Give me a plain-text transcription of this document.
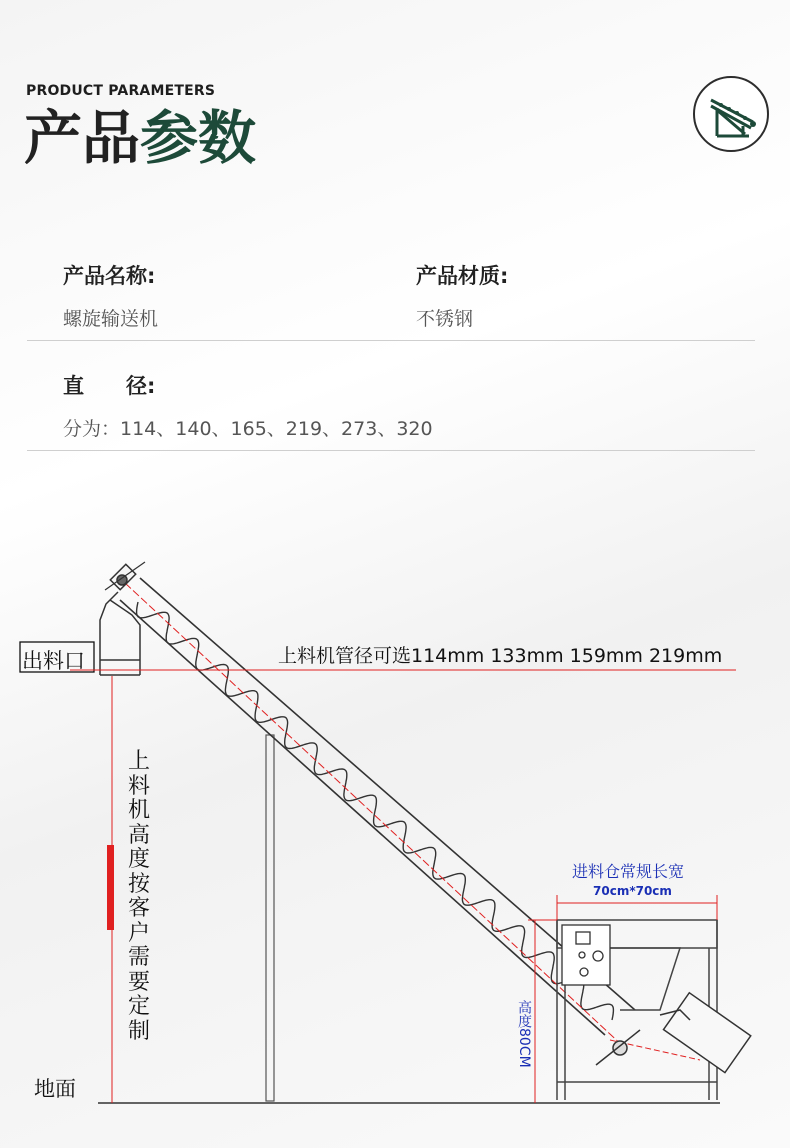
PRODUCT PARAMETERS
产品参数
产品名称:
螺旋输送机
产品材质:
不锈钢
直　　径:
分为：114、140、165、219、273、320
出料口	上料机管径可选114mm 133mm 159mm 219mm
上料机高度按客户需要定制
地面
进料仓常规长宽
70cm*70cm
高度80CM
